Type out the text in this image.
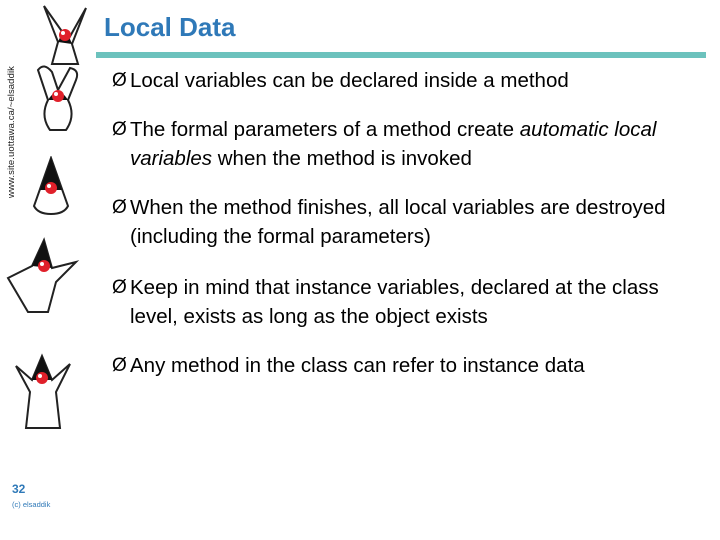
www.site.uottawa.ca/~elsaddik
Local Data
Ø Local variables can be declared inside a method
Ø The formal parameters of a method create automatic local variables when the method is invoked
Ø When the method finishes, all local variables are destroyed (including the formal parameters)
Ø Keep in mind that instance variables, declared at the class level, exists as long as the object exists
Ø Any method in the class can refer to instance data
32
(c) elsaddik
